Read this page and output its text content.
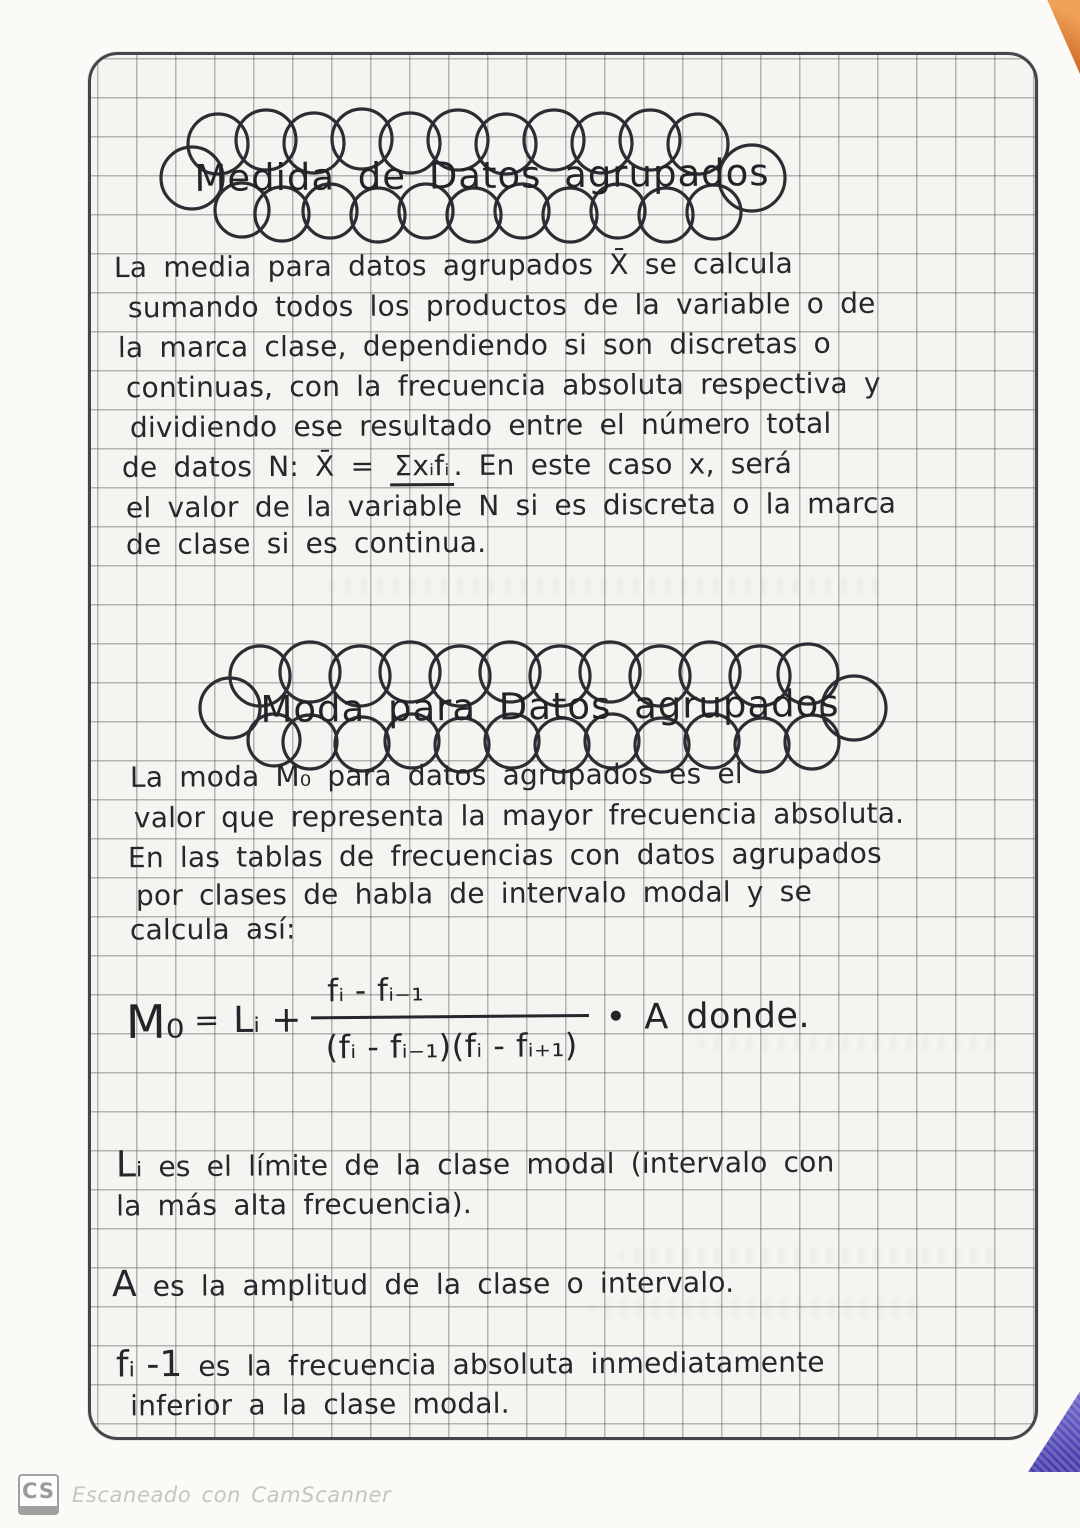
Medida de Datos agrupados
La media para datos agrupados X̄ se calcula
sumando todos los productos de la variable o de
la marca clase, dependiendo si son discretas o
continuas, con la frecuencia absoluta respectiva y
dividiendo ese resultado entre el número total
de datos N: X̄ = Σxᵢfᵢ . En este caso x, será
el valor de la variable N si es discreta o la marca
de clase si es continua.
Moda para Datos agrupados
La moda M₀ para datos agrupados es el
valor que representa la mayor frecuencia absoluta.
En las tablas de frecuencias con datos agrupados
por clases de habla de intervalo modal y se
calcula así:
M₀ = Lᵢ + $\frac{\text{fᵢ - fᵢ₋₁}}{\text{(fᵢ - fᵢ₋₁)(fᵢ - fᵢ₊₁)}}$ • A donde.
Lᵢ es el límite de la clase modal (intervalo con
la más alta frecuencia).
A es la amplitud de la clase o intervalo.
fᵢ -1 es la frecuencia absoluta inmediatamente
inferior a la clase modal.
CS Escaneado con CamScanner
